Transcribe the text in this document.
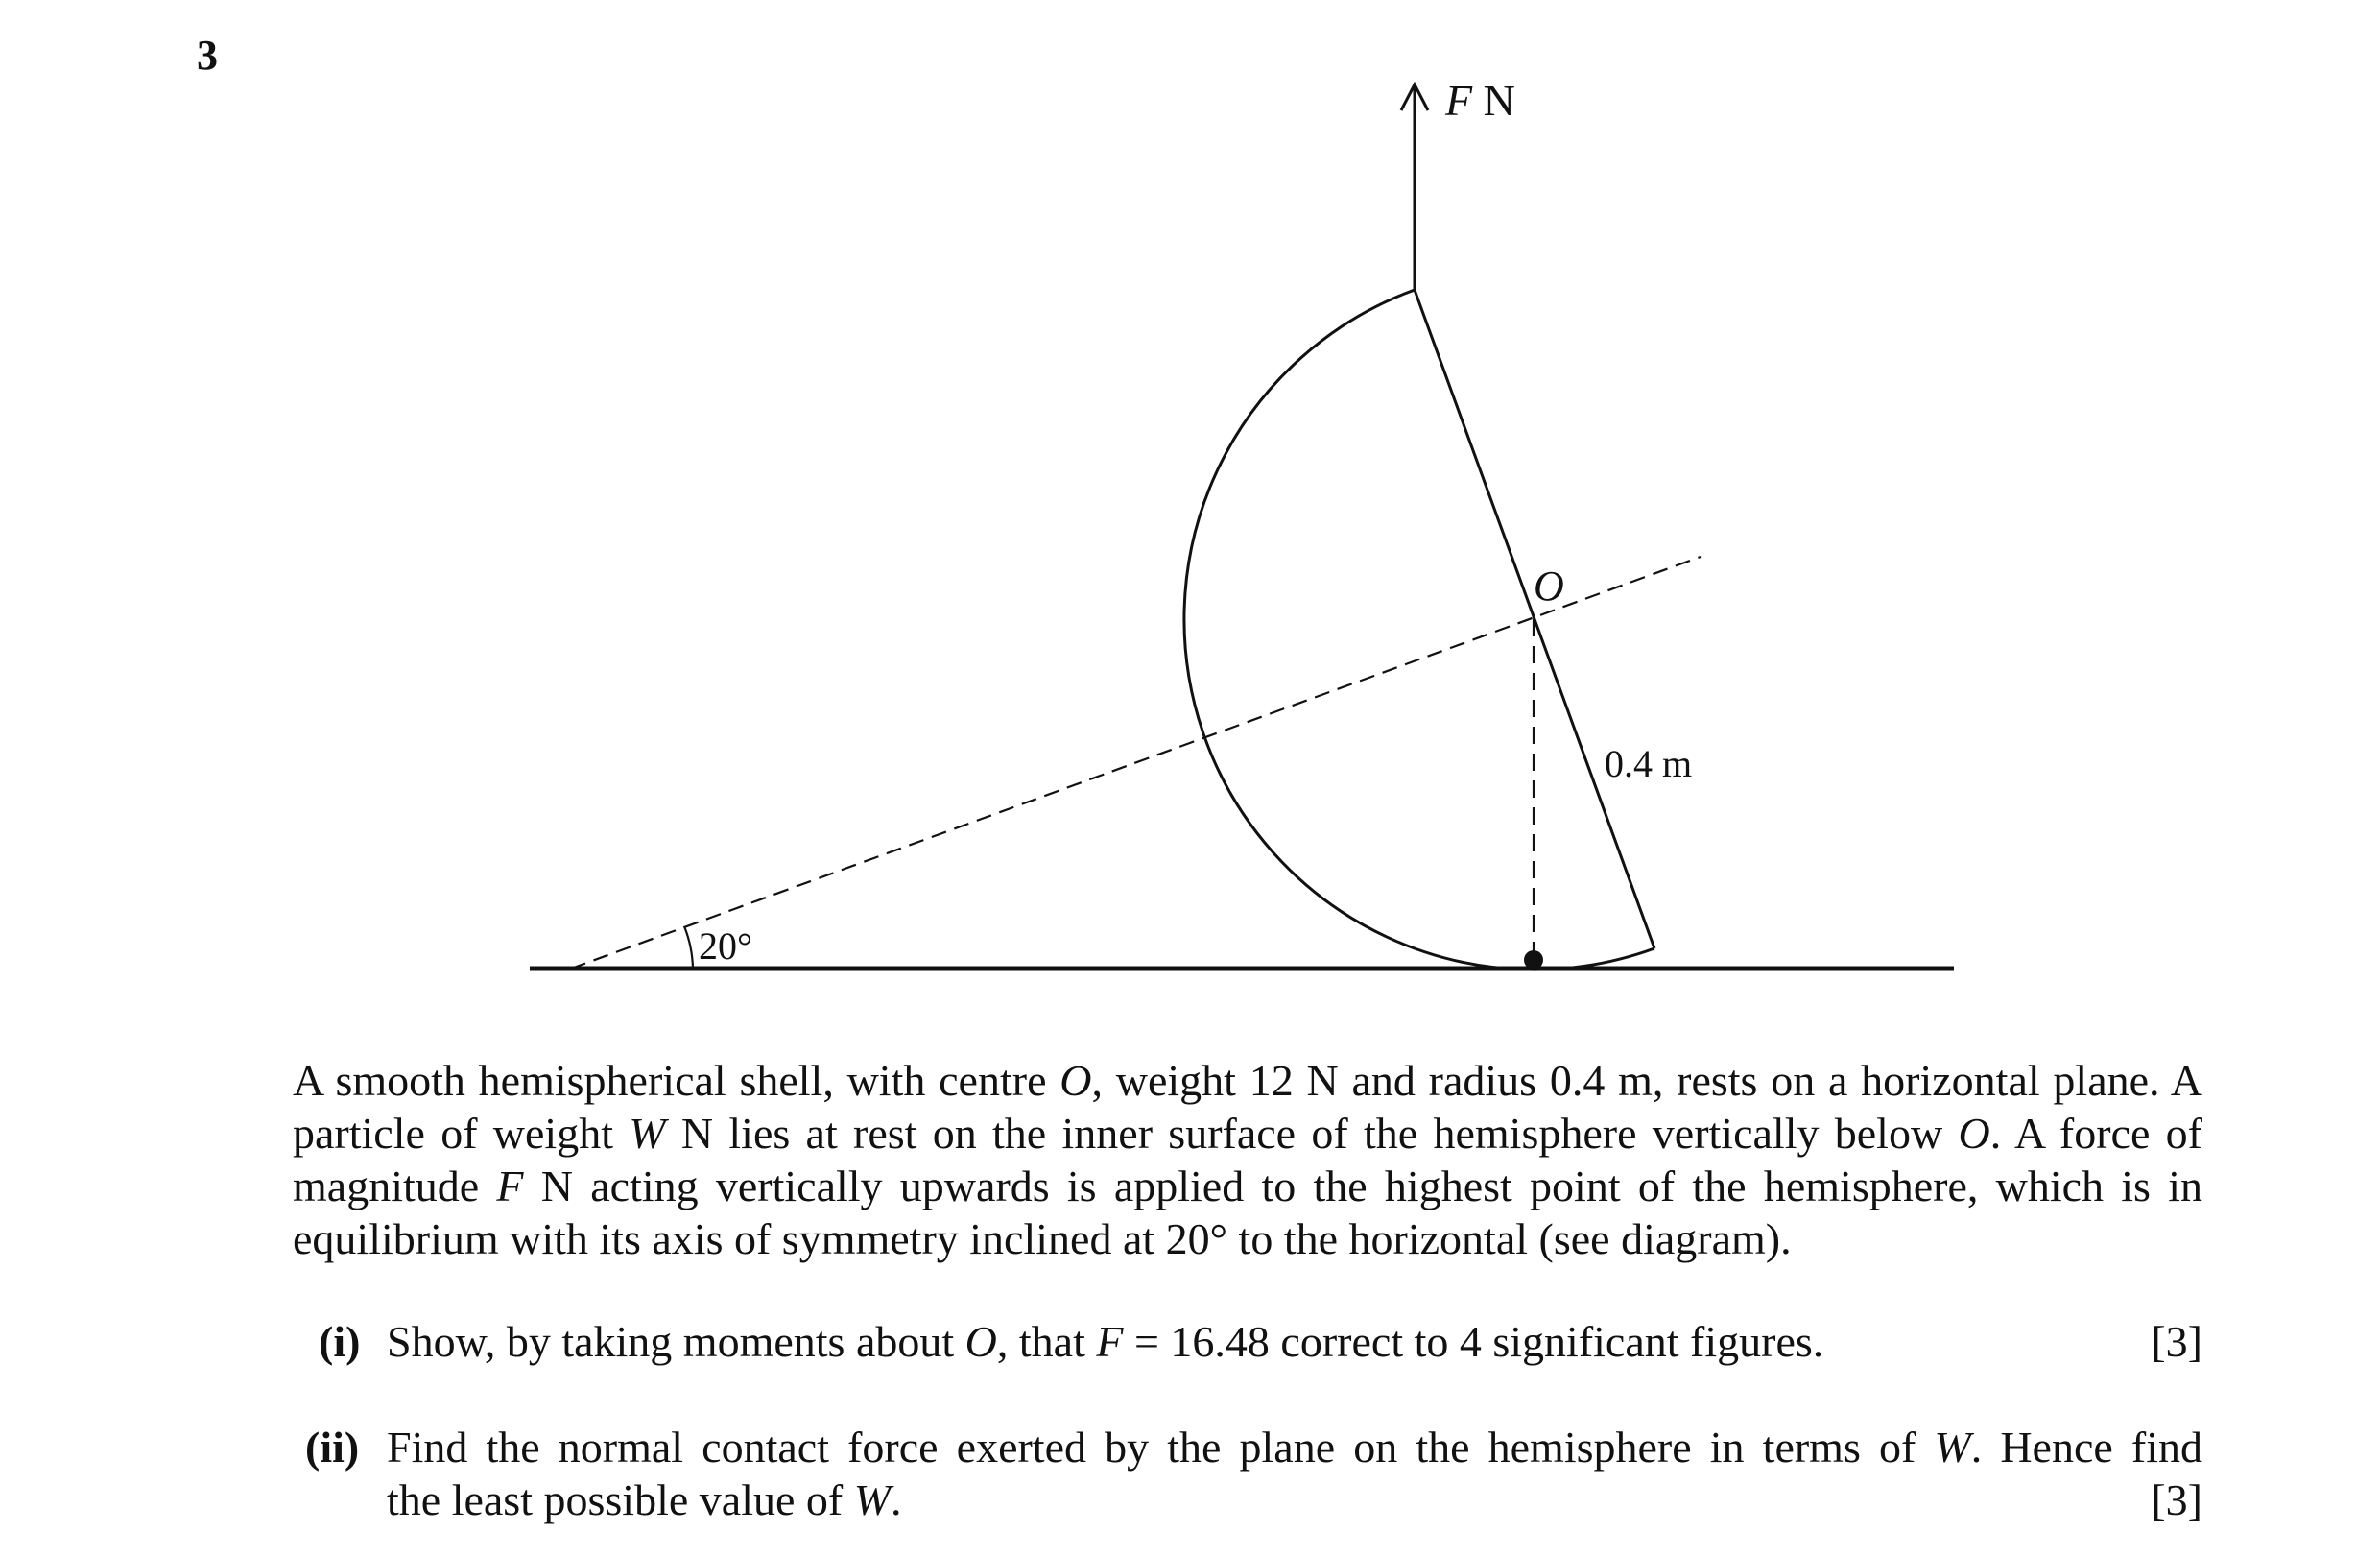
3
F N
O
0.4 m
20°

A smooth hemispherical shell, with centre O, weight 12 N and radius 0.4 m, rests on a horizontal plane. A particle of weight W N lies at rest on the inner surface of the hemisphere vertically below O. A force of magnitude F N acting vertically upwards is applied to the highest point of the hemisphere, which is in equilibrium with its axis of symmetry inclined at 20° to the horizontal (see diagram).

(i) Show, by taking moments about O , that F = 16.48 correct to 4 significant figures.	[3]
(ii) Find the normal contact force exerted by the plane on the hemisphere in terms of W. Hence find
the least possible value of W.	[3]
